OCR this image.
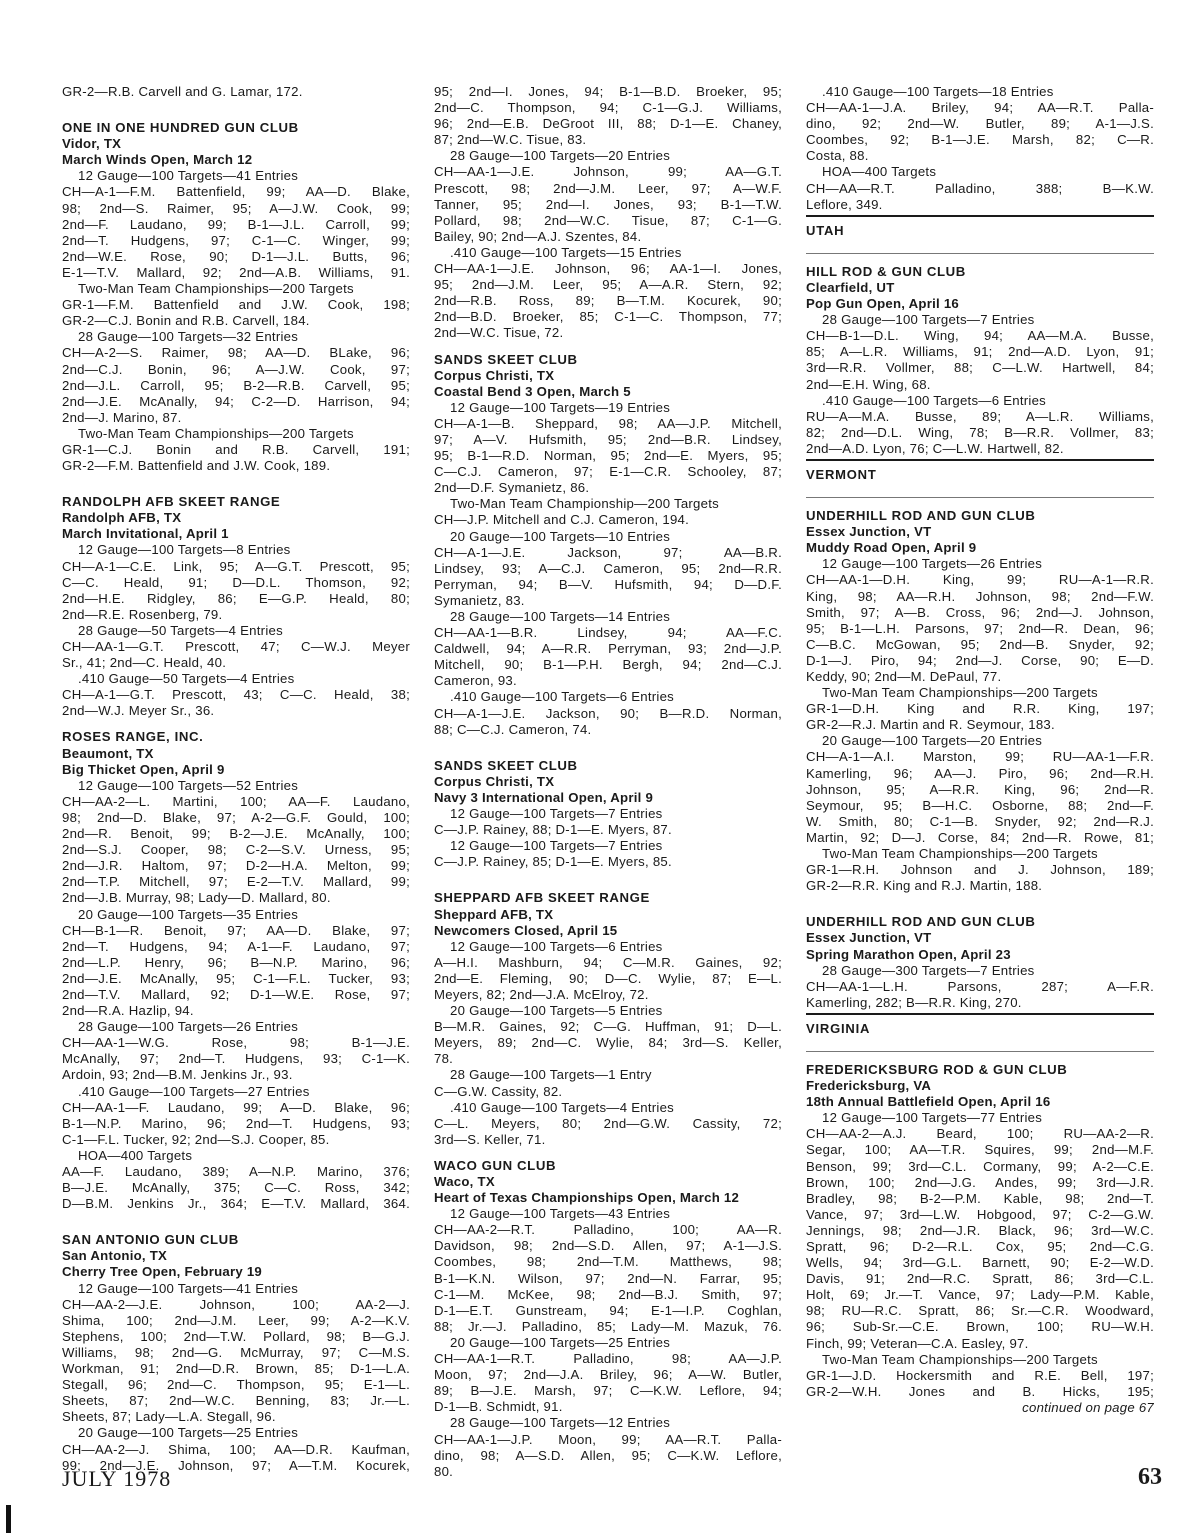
GR-2—R.B. Carvell and G. Lamar, 172.
ONE IN ONE HUNDRED GUN CLUB
Vidor, TX
March Winds Open, March 12
12 Gauge—100 Targets—41 Entries
CH—A-1—F.M. Battenfield, 99; AA—D. Blake,
98; 2nd—S. Raimer, 95; A—J.W. Cook, 99;
2nd—F. Laudano, 99; B-1—J.L. Carroll, 99;
2nd—T. Hudgens, 97; C-1—C. Winger, 99;
2nd—W.E. Rose, 90; D-1—J.L. Butts, 96;
E-1—T.V. Mallard, 92; 2nd—A.B. Williams, 91.
Two-Man Team Championships—200 Targets
GR-1—F.M. Battenfield and J.W. Cook, 198;
GR-2—C.J. Bonin and R.B. Carvell, 184.
28 Gauge—100 Targets—32 Entries
CH—A-2—S. Raimer, 98; AA—D. BLake, 96;
2nd—C.J. Bonin, 96; A—J.W. Cook, 97;
2nd—J.L. Carroll, 95; B-2—R.B. Carvell, 95;
2nd—J.E. McAnally, 94; C-2—D. Harrison, 94;
2nd—J. Marino, 87.
Two-Man Team Championships—200 Targets
GR-1—C.J. Bonin and R.B. Carvell, 191;
GR-2—F.M. Battenfield and J.W. Cook, 189.
RANDOLPH AFB SKEET RANGE
Randolph AFB, TX
March Invitational, April 1
12 Gauge—100 Targets—8 Entries
CH—A-1—C.E. Link, 95; A—G.T. Prescott, 95;
C—C. Heald, 91; D—D.L. Thomson, 92;
2nd—H.E. Ridgley, 86; E—G.P. Heald, 80;
2nd—R.E. Rosenberg, 79.
28 Gauge—50 Targets—4 Entries
CH—AA-1—G.T. Prescott, 47; C—W.J. Meyer
Sr., 41; 2nd—C. Heald, 40.
.410 Gauge—50 Targets—4 Entries
CH—A-1—G.T. Prescott, 43; C—C. Heald, 38;
2nd—W.J. Meyer Sr., 36.
ROSES RANGE, INC.
Beaumont, TX
Big Thicket Open, April 9
12 Gauge—100 Targets—52 Entries
CH—AA-2—L. Martini, 100; AA—F. Laudano,
98; 2nd—D. Blake, 97; A-2—G.F. Gould, 100;
2nd—R. Benoit, 99; B-2—J.E. McAnally, 100;
2nd—S.J. Cooper, 98; C-2—S.V. Urness, 95;
2nd—J.R. Haltom, 97; D-2—H.A. Melton, 99;
2nd—T.P. Mitchell, 97; E-2—T.V. Mallard, 99;
2nd—J.B. Murray, 98; Lady—D. Mallard, 80.
20 Gauge—100 Targets—35 Entries
CH—B-1—R. Benoit, 97; AA—D. Blake, 97;
2nd—T. Hudgens, 94; A-1—F. Laudano, 97;
2nd—L.P. Henry, 96; B—N.P. Marino, 96;
2nd—J.E. McAnally, 95; C-1—F.L. Tucker, 93;
2nd—T.V. Mallard, 92; D-1—W.E. Rose, 97;
2nd—R.A. Hazlip, 94.
28 Gauge—100 Targets—26 Entries
CH—AA-1—W.G. Rose, 98; B-1—J.E.
McAnally, 97; 2nd—T. Hudgens, 93; C-1—K.
Ardoin, 93; 2nd—B.M. Jenkins Jr., 93.
.410 Gauge—100 Targets—27 Entries
CH—AA-1—F. Laudano, 99; A—D. Blake, 96;
B-1—N.P. Marino, 96; 2nd—T. Hudgens, 93;
C-1—F.L. Tucker, 92; 2nd—S.J. Cooper, 85.
HOA—400 Targets
AA—F. Laudano, 389; A—N.P. Marino, 376;
B—J.E. McAnally, 375; C—C. Ross, 342;
D—B.M. Jenkins Jr., 364; E—T.V. Mallard, 364.
SAN ANTONIO GUN CLUB
San Antonio, TX
Cherry Tree Open, February 19
12 Gauge—100 Targets—41 Entries
CH—AA-2—J.E. Johnson, 100; AA-2—J.
Shima, 100; 2nd—J.M. Leer, 99; A-2—K.V.
Stephens, 100; 2nd—T.W. Pollard, 98; B—G.J.
Williams, 98; 2nd—G. McMurray, 97; C—M.S.
Workman, 91; 2nd—D.R. Brown, 85; D-1—L.A.
Stegall, 96; 2nd—C. Thompson, 95; E-1—L.
Sheets, 87; 2nd—W.C. Benning, 83; Jr.—L.
Sheets, 87; Lady—L.A. Stegall, 96.
20 Gauge—100 Targets—25 Entries
CH—AA-2—J. Shima, 100; AA—D.R. Kaufman,
99; 2nd—J.E. Johnson, 97; A—T.M. Kocurek,
95; 2nd—I. Jones, 94; B-1—B.D. Broeker, 95;
2nd—C. Thompson, 94; C-1—G.J. Williams,
96; 2nd—E.B. DeGroot III, 88; D-1—E. Chaney,
87; 2nd—W.C. Tisue, 83.
28 Gauge—100 Targets—20 Entries
CH—AA-1—J.E. Johnson, 99; AA—G.T.
Prescott, 98; 2nd—J.M. Leer, 97; A—W.F.
Tanner, 95; 2nd—I. Jones, 93; B-1—T.W.
Pollard, 98; 2nd—W.C. Tisue, 87; C-1—G.
Bailey, 90; 2nd—A.J. Szentes, 84.
.410 Gauge—100 Targets—15 Entries
CH—AA-1—J.E. Johnson, 96; AA-1—I. Jones,
95; 2nd—J.M. Leer, 95; A—A.R. Stern, 92;
2nd—R.B. Ross, 89; B—T.M. Kocurek, 90;
2nd—B.D. Broeker, 85; C-1—C. Thompson, 77;
2nd—W.C. Tisue, 72.
SANDS SKEET CLUB
Corpus Christi, TX
Coastal Bend 3 Open, March 5
12 Gauge—100 Targets—19 Entries
CH—A-1—B. Sheppard, 98; AA—J.P. Mitchell,
97; A—V. Hufsmith, 95; 2nd—B.R. Lindsey,
95; B-1—R.D. Norman, 95; 2nd—E. Myers, 95;
C—C.J. Cameron, 97; E-1—C.R. Schooley, 87;
2nd—D.F. Symanietz, 86.
Two-Man Team Championship—200 Targets
CH—J.P. Mitchell and C.J. Cameron, 194.
20 Gauge—100 Targets—10 Entries
CH—A-1—J.E. Jackson, 97; AA—B.R.
Lindsey, 93; A—C.J. Cameron, 95; 2nd—R.R.
Perryman, 94; B—V. Hufsmith, 94; D—D.F.
Symanietz, 83.
28 Gauge—100 Targets—14 Entries
CH—AA-1—B.R. Lindsey, 94; AA—F.C.
Caldwell, 94; A—R.R. Perryman, 93; 2nd—J.P.
Mitchell, 90; B-1—P.H. Bergh, 94; 2nd—C.J.
Cameron, 93.
.410 Gauge—100 Targets—6 Entries
CH—A-1—J.E. Jackson, 90; B—R.D. Norman,
88; C—C.J. Cameron, 74.
SANDS SKEET CLUB
Corpus Christi, TX
Navy 3 International Open, April 9
12 Gauge—100 Targets—7 Entries
C—J.P. Rainey, 88; D-1—E. Myers, 87.
12 Gauge—100 Targets—7 Entries
C—J.P. Rainey, 85; D-1—E. Myers, 85.
SHEPPARD AFB SKEET RANGE
Sheppard AFB, TX
Newcomers Closed, April 15
12 Gauge—100 Targets—6 Entries
A—H.I. Mashburn, 94; C—M.R. Gaines, 92;
2nd—E. Fleming, 90; D—C. Wylie, 87; E—L.
Meyers, 82; 2nd—J.A. McElroy, 72.
20 Gauge—100 Targets—5 Entries
B—M.R. Gaines, 92; C—G. Huffman, 91; D—L.
Meyers, 89; 2nd—C. Wylie, 84; 3rd—S. Keller,
78.
28 Gauge—100 Targets—1 Entry
C—G.W. Cassity, 82.
.410 Gauge—100 Targets—4 Entries
C—L. Meyers, 80; 2nd—G.W. Cassity, 72;
3rd—S. Keller, 71.
WACO GUN CLUB
Waco, TX
Heart of Texas Championships Open, March 12
12 Gauge—100 Targets—43 Entries
CH—AA-2—R.T. Palladino, 100; AA—R.
Davidson, 98; 2nd—S.D. Allen, 97; A-1—J.S.
Coombes, 98; 2nd—T.M. Matthews, 98;
B-1—K.N. Wilson, 97; 2nd—N. Farrar, 95;
C-1—M. McKee, 98; 2nd—B.J. Smith, 97;
D-1—E.T. Gunstream, 94; E-1—I.P. Coghlan,
88; Jr.—J. Palladino, 85; Lady—M. Mazuk, 76.
20 Gauge—100 Targets—25 Entries
CH—AA-1—R.T. Palladino, 98; AA—J.P.
Moon, 97; 2nd—J.A. Briley, 96; A—W. Butler,
89; B—J.E. Marsh, 97; C—K.W. Leflore, 94;
D-1—B. Schmidt, 91.
28 Gauge—100 Targets—12 Entries
CH—AA-1—J.P. Moon, 99; AA—R.T. Palla-
dino, 98; A—S.D. Allen, 95; C—K.W. Leflore,
80.
.410 Gauge—100 Targets—18 Entries
CH—AA-1—J.A. Briley, 94; AA—R.T. Palla-
dino, 92; 2nd—W. Butler, 89; A-1—J.S.
Coombes, 92; B-1—J.E. Marsh, 82; C—R.
Costa, 88.
HOA—400 Targets
CH—AA—R.T. Palladino, 388; B—K.W.
Leflore, 349.
UTAH
HILL ROD & GUN CLUB
Clearfield, UT
Pop Gun Open, April 16
28 Gauge—100 Targets—7 Entries
CH—B-1—D.L. Wing, 94; AA—M.A. Busse,
85; A—L.R. Williams, 91; 2nd—A.D. Lyon, 91;
3rd—R.R. Vollmer, 88; C—L.W. Hartwell, 84;
2nd—E.H. Wing, 68.
.410 Gauge—100 Targets—6 Entries
RU—A—M.A. Busse, 89; A—L.R. Williams,
82; 2nd—D.L. Wing, 78; B—R.R. Vollmer, 83;
2nd—A.D. Lyon, 76; C—L.W. Hartwell, 82.
VERMONT
UNDERHILL ROD AND GUN CLUB
Essex Junction, VT
Muddy Road Open, April 9
12 Gauge—100 Targets—26 Entries
CH—AA-1—D.H. King, 99; RU—A-1—R.R.
King, 98; AA—R.H. Johnson, 98; 2nd—F.W.
Smith, 97; A—B. Cross, 96; 2nd—J. Johnson,
95; B-1—L.H. Parsons, 97; 2nd—R. Dean, 96;
C—B.C. McGowan, 95; 2nd—B. Snyder, 92;
D-1—J. Piro, 94; 2nd—J. Corse, 90; E—D.
Keddy, 90; 2nd—M. DePaul, 77.
Two-Man Team Championships—200 Targets
GR-1—D.H. King and R.R. King, 197;
GR-2—R.J. Martin and R. Seymour, 183.
20 Gauge—100 Targets—20 Entries
CH—A-1—A.I. Marston, 99; RU—AA-1—F.R.
Kamerling, 96; AA—J. Piro, 96; 2nd—R.H.
Johnson, 95; A—R.R. King, 96; 2nd—R.
Seymour, 95; B—H.C. Osborne, 88; 2nd—F.
W. Smith, 80; C-1—B. Snyder, 92; 2nd—R.J.
Martin, 92; D—J. Corse, 84; 2nd—R. Rowe, 81;
Two-Man Team Championships—200 Targets
GR-1—R.H. Johnson and J. Johnson, 189;
GR-2—R.R. King and R.J. Martin, 188.
UNDERHILL ROD AND GUN CLUB
Essex Junction, VT
Spring Marathon Open, April 23
28 Gauge—300 Targets—7 Entries
CH—AA-1—L.H. Parsons, 287; A—F.R.
Kamerling, 282; B—R.R. King, 270.
VIRGINIA
FREDERICKSBURG ROD & GUN CLUB
Fredericksburg, VA
18th Annual Battlefield Open, April 16
12 Gauge—100 Targets—77 Entries
CH—AA-2—A.J. Beard, 100; RU—AA-2—R.
Segar, 100; AA—T.R. Squires, 99; 2nd—M.F.
Benson, 99; 3rd—C.L. Cormany, 99; A-2—C.E.
Brown, 100; 2nd—J.G. Andes, 99; 3rd—J.R.
Bradley, 98; B-2—P.M. Kable, 98; 2nd—T.
Vance, 97; 3rd—L.W. Hobgood, 97; C-2—G.W.
Jennings, 98; 2nd—J.R. Black, 96; 3rd—W.C.
Spratt, 96; D-2—R.L. Cox, 95; 2nd—C.G.
Wells, 94; 3rd—G.L. Barnett, 90; E-2—W.D.
Davis, 91; 2nd—R.C. Spratt, 86; 3rd—C.L.
Holt, 69; Jr.—T. Vance, 97; Lady—P.M. Kable,
98; RU—R.C. Spratt, 86; Sr.—C.R. Woodward,
96; Sub-Sr.—C.E. Brown, 100; RU—W.H.
Finch, 99; Veteran—C.A. Easley, 97.
Two-Man Team Championships—200 Targets
GR-1—J.D. Hockersmith and R.E. Bell, 197;
GR-2—W.H. Jones and B. Hicks, 195;
continued on page 67
JULY 1978	63
